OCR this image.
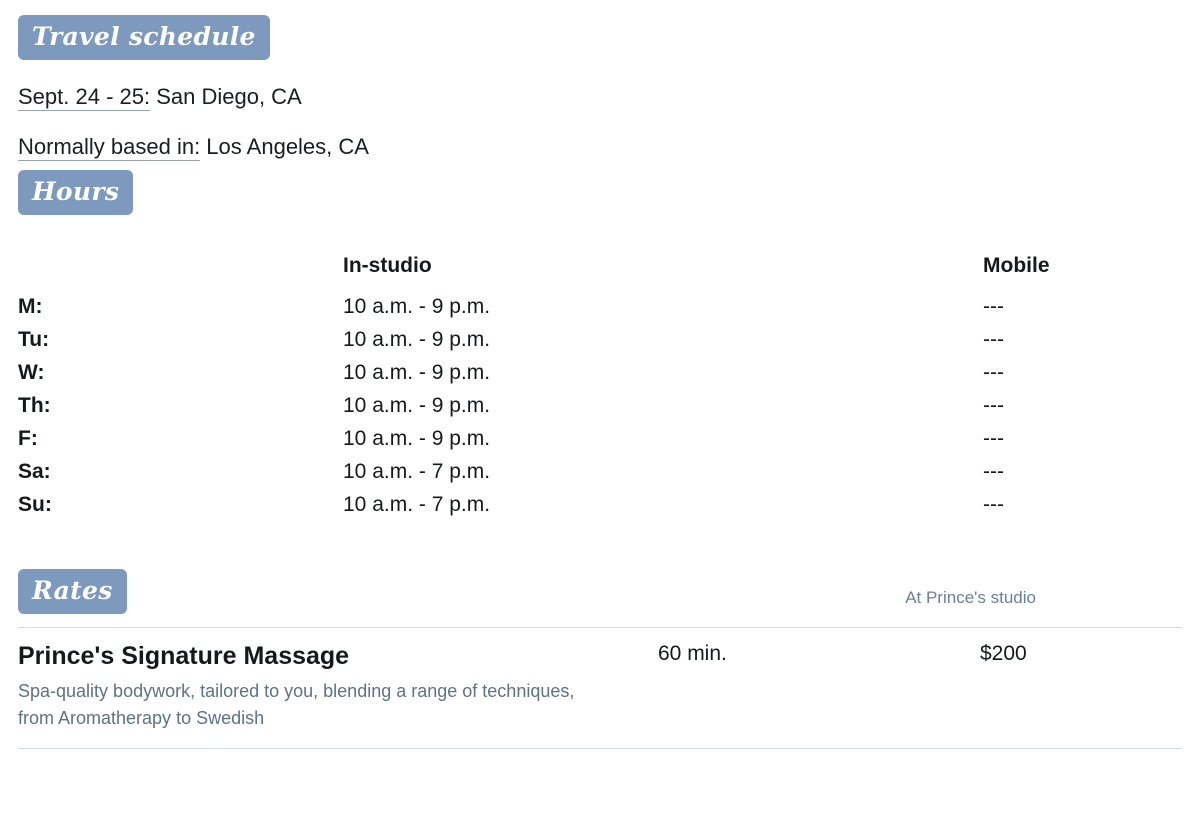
Travel schedule
Sept. 24 - 25: San Diego, CA
Normally based in: Los Angeles, CA
Hours
	In-studio	Mobile
M:	10 a.m. - 9 p.m.	---
Tu:	10 a.m. - 9 p.m.	---
W:	10 a.m. - 9 p.m.	---
Th:	10 a.m. - 9 p.m.	---
F:	10 a.m. - 9 p.m.	---
Sa:	10 a.m. - 7 p.m.	---
Su:	10 a.m. - 7 p.m.	---
Rates	At Prince's studio
Prince's Signature Massage
Spa-quality bodywork, tailored to you, blending a range of techniques, from Aromatherapy to Swedish
60 min.	$200
